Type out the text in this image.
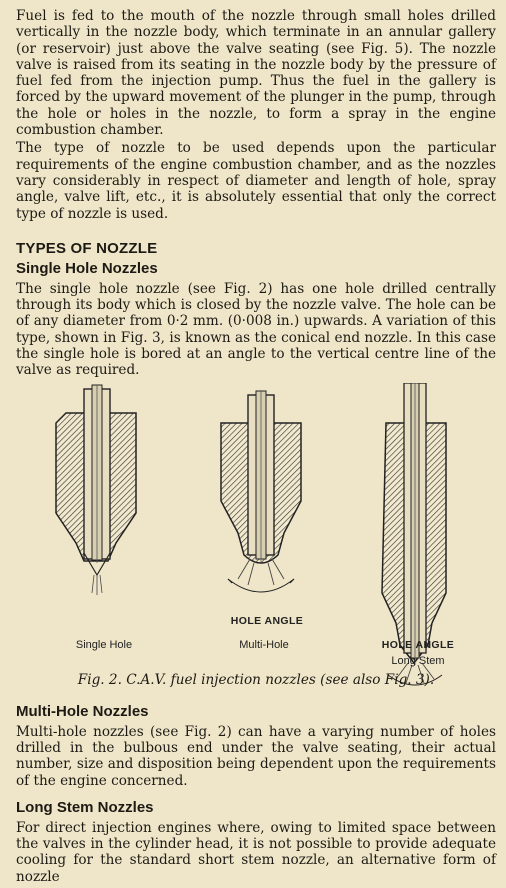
Fuel is fed to the mouth of the nozzle through small holes drilled vertically in the nozzle body, which terminate in an annular gallery (or reservoir) just above the valve seating (see Fig. 5). The nozzle valve is raised from its seating in the nozzle body by the pressure of fuel fed from the injection pump. Thus the fuel in the gallery is forced by the upward movement of the plunger in the pump, through the hole or holes in the nozzle, to form a spray in the engine combustion chamber.

The type of nozzle to be used depends upon the particular requirements of the engine combustion chamber, and as the nozzles vary considerably in respect of diameter and length of hole, spray angle, valve lift, etc., it is absolutely essential that only the correct type of nozzle is used.

TYPES OF NOZZLE
Single Hole Nozzles

The single hole nozzle (see Fig. 2) has one hole drilled centrally through its body which is closed by the nozzle valve. The hole can be of any diameter from 0·2 mm. (0·008 in.) upwards. A variation of this type, shown in Fig. 3, is known as the conical end nozzle. In this case the single hole is bored at an angle to the vertical centre line of the valve as required.

HOLE ANGLE
Single Hole	Multi-Hole	HOLE ANGLE
Long Stem

Fig. 2. C.A.V. fuel injection nozzles (see also Fig. 3).

Multi-Hole Nozzles

Multi-hole nozzles (see Fig. 2) can have a varying number of holes drilled in the bulbous end under the valve seating, their actual number, size and disposition being dependent upon the requirements of the engine concerned.

Long Stem Nozzles

For direct injection engines where, owing to limited space between the valves in the cylinder head, it is not possible to provide adequate cooling for the standard short stem nozzle, an alternative form of nozzle
